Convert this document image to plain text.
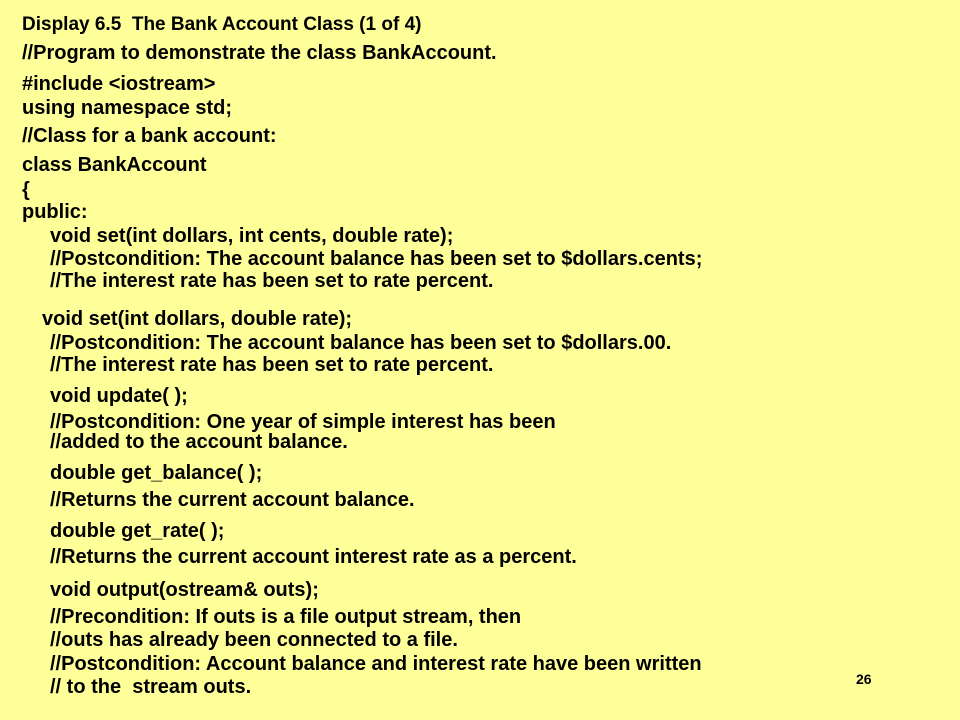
Display 6.5  The Bank Account Class (1 of 4)
//Program to demonstrate the class BankAccount.
#include <iostream>
using namespace std;
//Class for a bank account:
class BankAccount
{
public:
void set(int dollars, int cents, double rate);
//Postcondition: The account balance has been set to $dollars.cents;
//The interest rate has been set to rate percent.
void set(int dollars, double rate);
//Postcondition: The account balance has been set to $dollars.00.
//The interest rate has been set to rate percent.
void update( );
//Postcondition: One year of simple interest has been
//added to the account balance.
double get_balance( );
//Returns the current account balance.
double get_rate( );
//Returns the current account interest rate as a percent.
void output(ostream& outs);
//Precondition: If outs is a file output stream, then
//outs has already been connected to a file.
//Postcondition: Account balance and interest rate have been written
// to the  stream outs.	26
